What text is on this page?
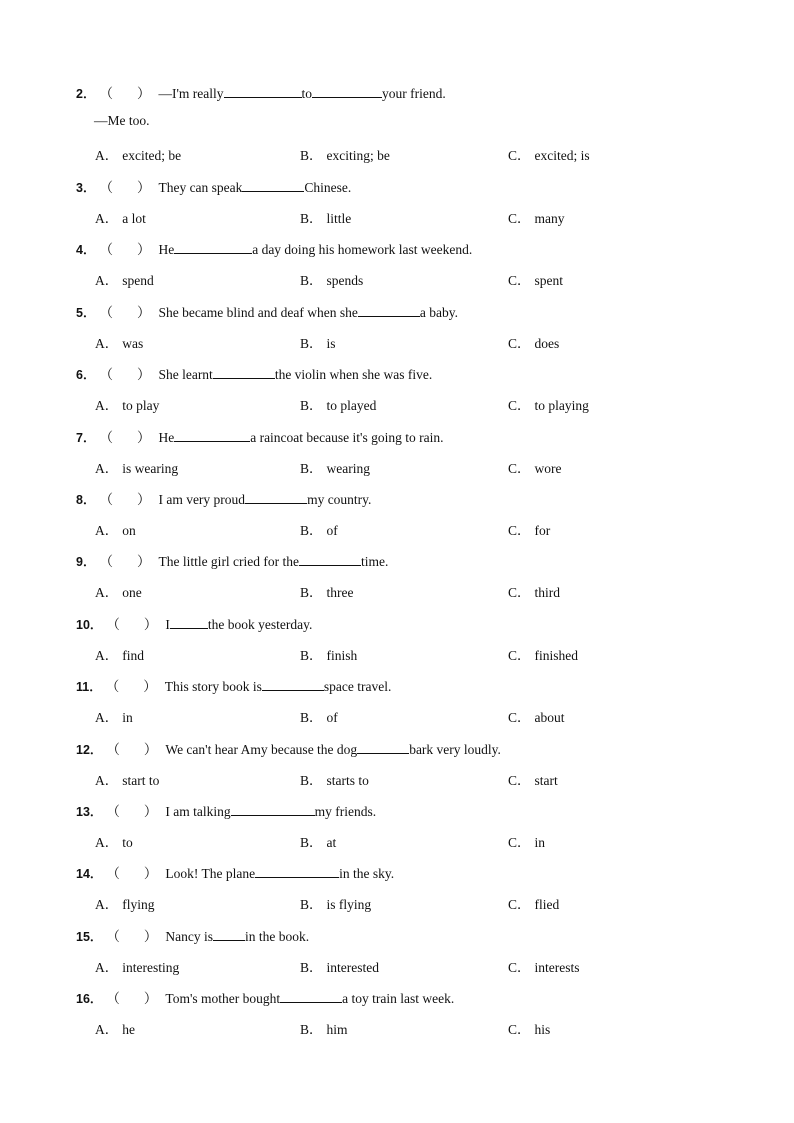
2． （ ） —I'm really	to	your friend.
—Me too.
A． excited; be	B． exciting; be	C． excited; is
3． （ ） They can speak	Chinese.
A． a lot	B． little	C． many
4． （ ） He	a day doing his homework last weekend.
A． spend	B． spends	C． spent
5． （ ） She became blind and deaf when she	a baby.
A． was	B． is	C． does
6． （ ） She learnt	the violin when she was five.
A． to play	B． to played	C． to playing
7． （ ） He	a raincoat because it's going to rain.
A． is wearing	B． wearing	C． wore
8． （ ） I am very proud	my country.
A． on	B． of	C． for
9． （ ） The little girl cried for the	time.
A． one	B． three	C． third
10． （ ） I	the book yesterday.
A． find	B． finish	C． finished
11． （ ） This story book is	space travel.
A． in	B． of	C． about
12． （ ） We can't hear Amy because the dog	bark very loudly.
A． start to	B． starts to	C． start
13． （ ） I am talking	my friends.
A． to	B． at	C． in
14． （ ） Look! The plane	in the sky.
A． flying	B． is flying	C． flied
15． （ ） Nancy is in the book.
A． interesting	B． interested	C． interests
16． （ ） Tom's mother bought	a toy train last week.
A． he	B． him	C． his
